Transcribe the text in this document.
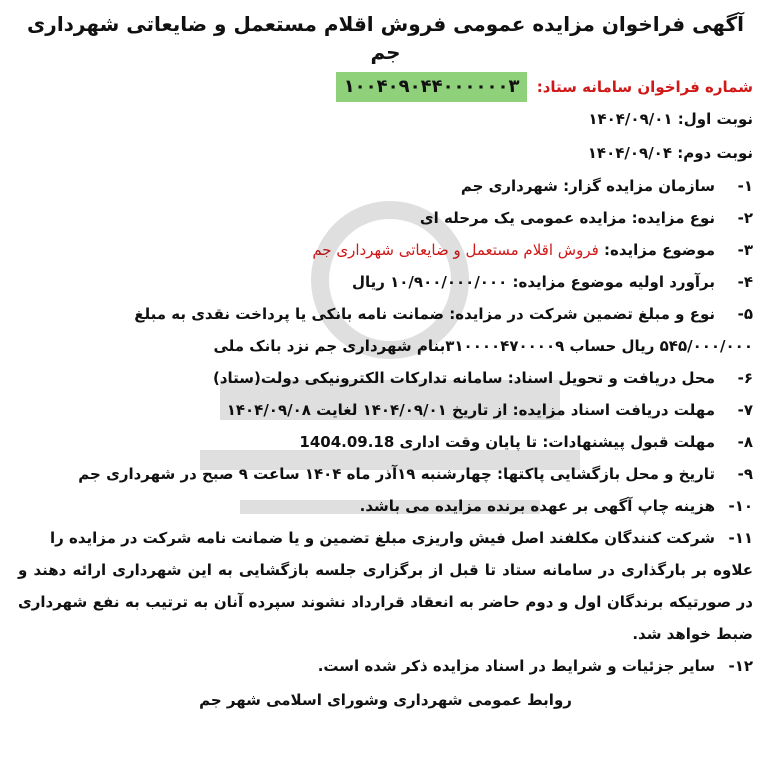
آگهی فراخوان مزایده عمومی فروش اقلام مستعمل و ضایعاتی شهرداری جم
شماره فراخوان سامانه ستاد: ۱۰۰۴۰۹۰۴۴۰۰۰۰۰۰۳
نوبت اول: ۱۴۰۴/۰۹/۰۱
نوبت دوم: ۱۴۰۴/۰۹/۰۴
۱-
سازمان مزایده گزار: شهرداری جم
۲-
نوع مزایده: مزایده عمومی یک مرحله ای
۳-
موضوع مزایده: فروش اقلام مستعمل و ضایعاتی شهرداری جم
۴-
برآورد اولیه موضوع مزایده: ۱۰/۹۰۰/۰۰۰/۰۰۰ ریال
۵-
نوع و مبلغ تضمین شرکت در مزایده: ضمانت نامه بانکی یا پرداخت نقدی به مبلغ
۵۴۵/۰۰۰/۰۰۰ ریال حساب ۳۱۰۰۰۰۴۷۰۰۰۰۹بنام شهرداری جم نزد بانک ملی
۶-
محل دریافت و تحویل اسناد: سامانه تدارکات الکترونیکی دولت(ستاد)
۷-
مهلت دریافت اسناد مزایده: از تاریخ ۱۴۰۴/۰۹/۰۱ لغایت ۱۴۰۴/۰۹/۰۸
۸-
مهلت قبول پیشنهادات: تا پایان وقت اداری 1404.09.18
۹-
تاریخ و محل بازگشایی پاکتها: چهارشنبه ۱۹آذر ماه ۱۴۰۴ ساعت ۹ صبح در شهرداری جم
۱۰-
هزینه چاپ آگهی بر عهده برنده مزایده می باشد.
۱۱-
شرکت کنندگان مکلفند اصل فیش واریزی مبلغ تضمین و یا ضمانت نامه شرکت در مزایده را
علاوه بر بارگذاری در سامانه ستاد تا قبل از برگزاری جلسه بازگشایی به این شهرداری ارائه دهند و در صورتیکه برندگان اول و دوم حاضر به انعقاد قرارداد نشوند سپرده آنان به ترتیب به نفع شهرداری ضبط خواهد شد.
۱۲-
سایر جزئیات و شرایط در اسناد مزایده ذکر شده است.
روابط عمومی شهرداری وشورای اسلامی شهر جم
